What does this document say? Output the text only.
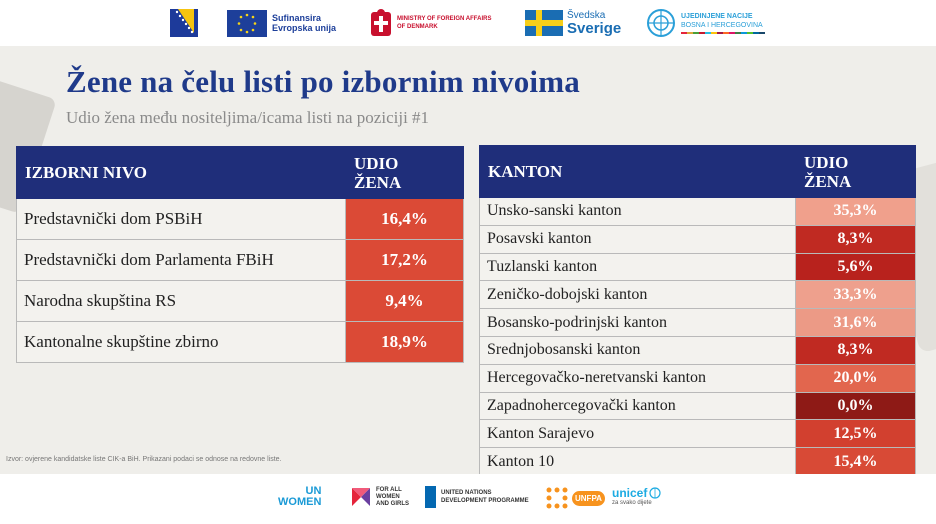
Sufinansira
Evropska unija
MINISTRY OF FOREIGN AFFAIRS
OF DENMARK
Švedska
Sverige
UJEDINJENE NACIJE
BOSNA I HERCEGOVINA
Žene na čelu listi po izbornim nivoima
Udio žena među nositeljima/icama listi na poziciji #1
IZBORNI NIVO	UDIO
ŽENA

Predstavnički dom PSBiH	16,4%
Predstavnički dom Parlamenta FBiH	17,2%
Narodna skupština RS	9,4%
Kantonalne skupštine zbirno	18,9%
KANTON	UDIO
ŽENA

Unsko-sanski kanton	35,3%
Posavski kanton	8,3%
Tuzlanski kanton	5,6%
Zeničko-dobojski kanton	33,3%
Bosansko-podrinjski kanton	31,6%
Srednjobosanski kanton	8,3%
Hercegovačko-neretvanski kanton	20,0%
Zapadnohercegovački kanton	0,0%
Kanton Sarajevo	12,5%
Kanton 10	15,4%
Izvor: ovjerene kandidatske liste CIK-a BiH. Prikazani podaci se odnose na redovne liste.
UN
WOMEN
FOR ALL
WOMEN
AND GIRLS
UNITED NATIONS
DEVELOPMENT PROGRAMME	UNFPA unicef
za svako dijete
